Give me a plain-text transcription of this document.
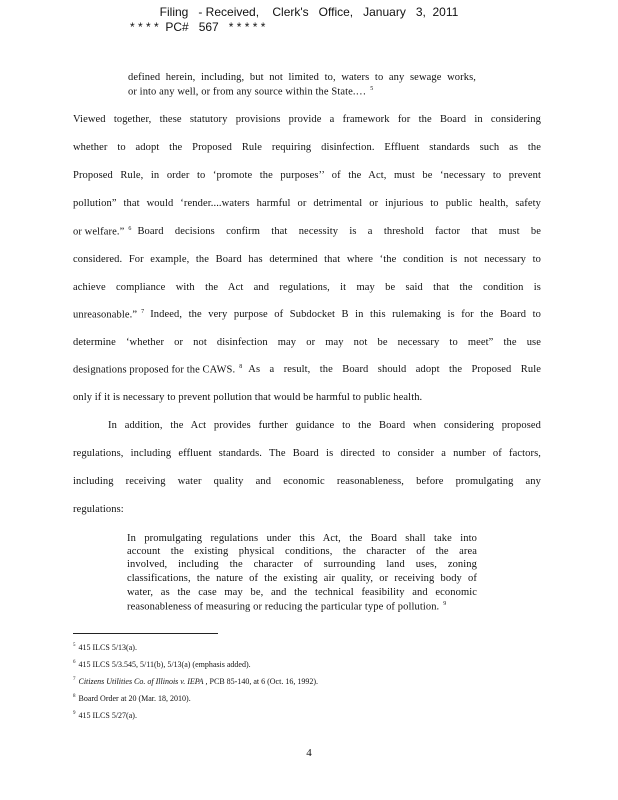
Filing   - Received,    Clerk's   Office,   January   3,  2011
* * * *  PC#   567   * * * * *
defined herein, including, but not limited to, waters to any sewage works,
or into any well, or from any source within the State.… $^5$
Viewed together, these statutory provisions provide a framework for the Board in considering
whether to adopt the Proposed Rule requiring disinfection. Effluent standards such as the
Proposed Rule, in order to ‘promote the purposes’’ of the Act, must be ‘necessary to prevent
pollution” that would ‘render....waters harmful or detrimental or injurious to public health, safety
or welfare.” $^6$ Board decisions confirm that necessity is a threshold factor that must be
considered. For example, the Board has determined that where ‘the condition is not necessary to
achieve compliance with the Act and regulations, it may be said that the condition is
unreasonable.” $^7$ Indeed, the very purpose of Subdocket B in this rulemaking is for the Board to
determine ‘whether or not disinfection may or may not be necessary to meet” the use
designations proposed for the CAWS. $^8$ As a result, the Board should adopt the Proposed Rule
only if it is necessary to prevent pollution that would be harmful to public health.
In addition, the Act provides further guidance to the Board when considering proposed
regulations, including effluent standards. The Board is directed to consider a number of factors,
including receiving water quality and economic reasonableness, before promulgating any
regulations:
In promulgating regulations under this Act, the Board shall take into
account the existing physical conditions, the character of the area
involved, including the character of surrounding land uses, zoning
classifications, the nature of the existing air quality, or receiving body of
water, as the case may be, and the technical feasibility and economic
reasonableness of measuring or reducing the particular type of pollution. $^9$
$^5$ 415 ILCS 5/13(a).
$^6$ 415 ILCS 5/3.545, 5/11(b), 5/13(a) (emphasis added).
$^7$ Citizens Utilities Co. of Illinois v. IEPA , PCB 85-140, at 6 (Oct. 16, 1992).
$^8$ Board Order at 20 (Mar. 18, 2010).
$^9$ 415 ILCS 5/27(a).
4
